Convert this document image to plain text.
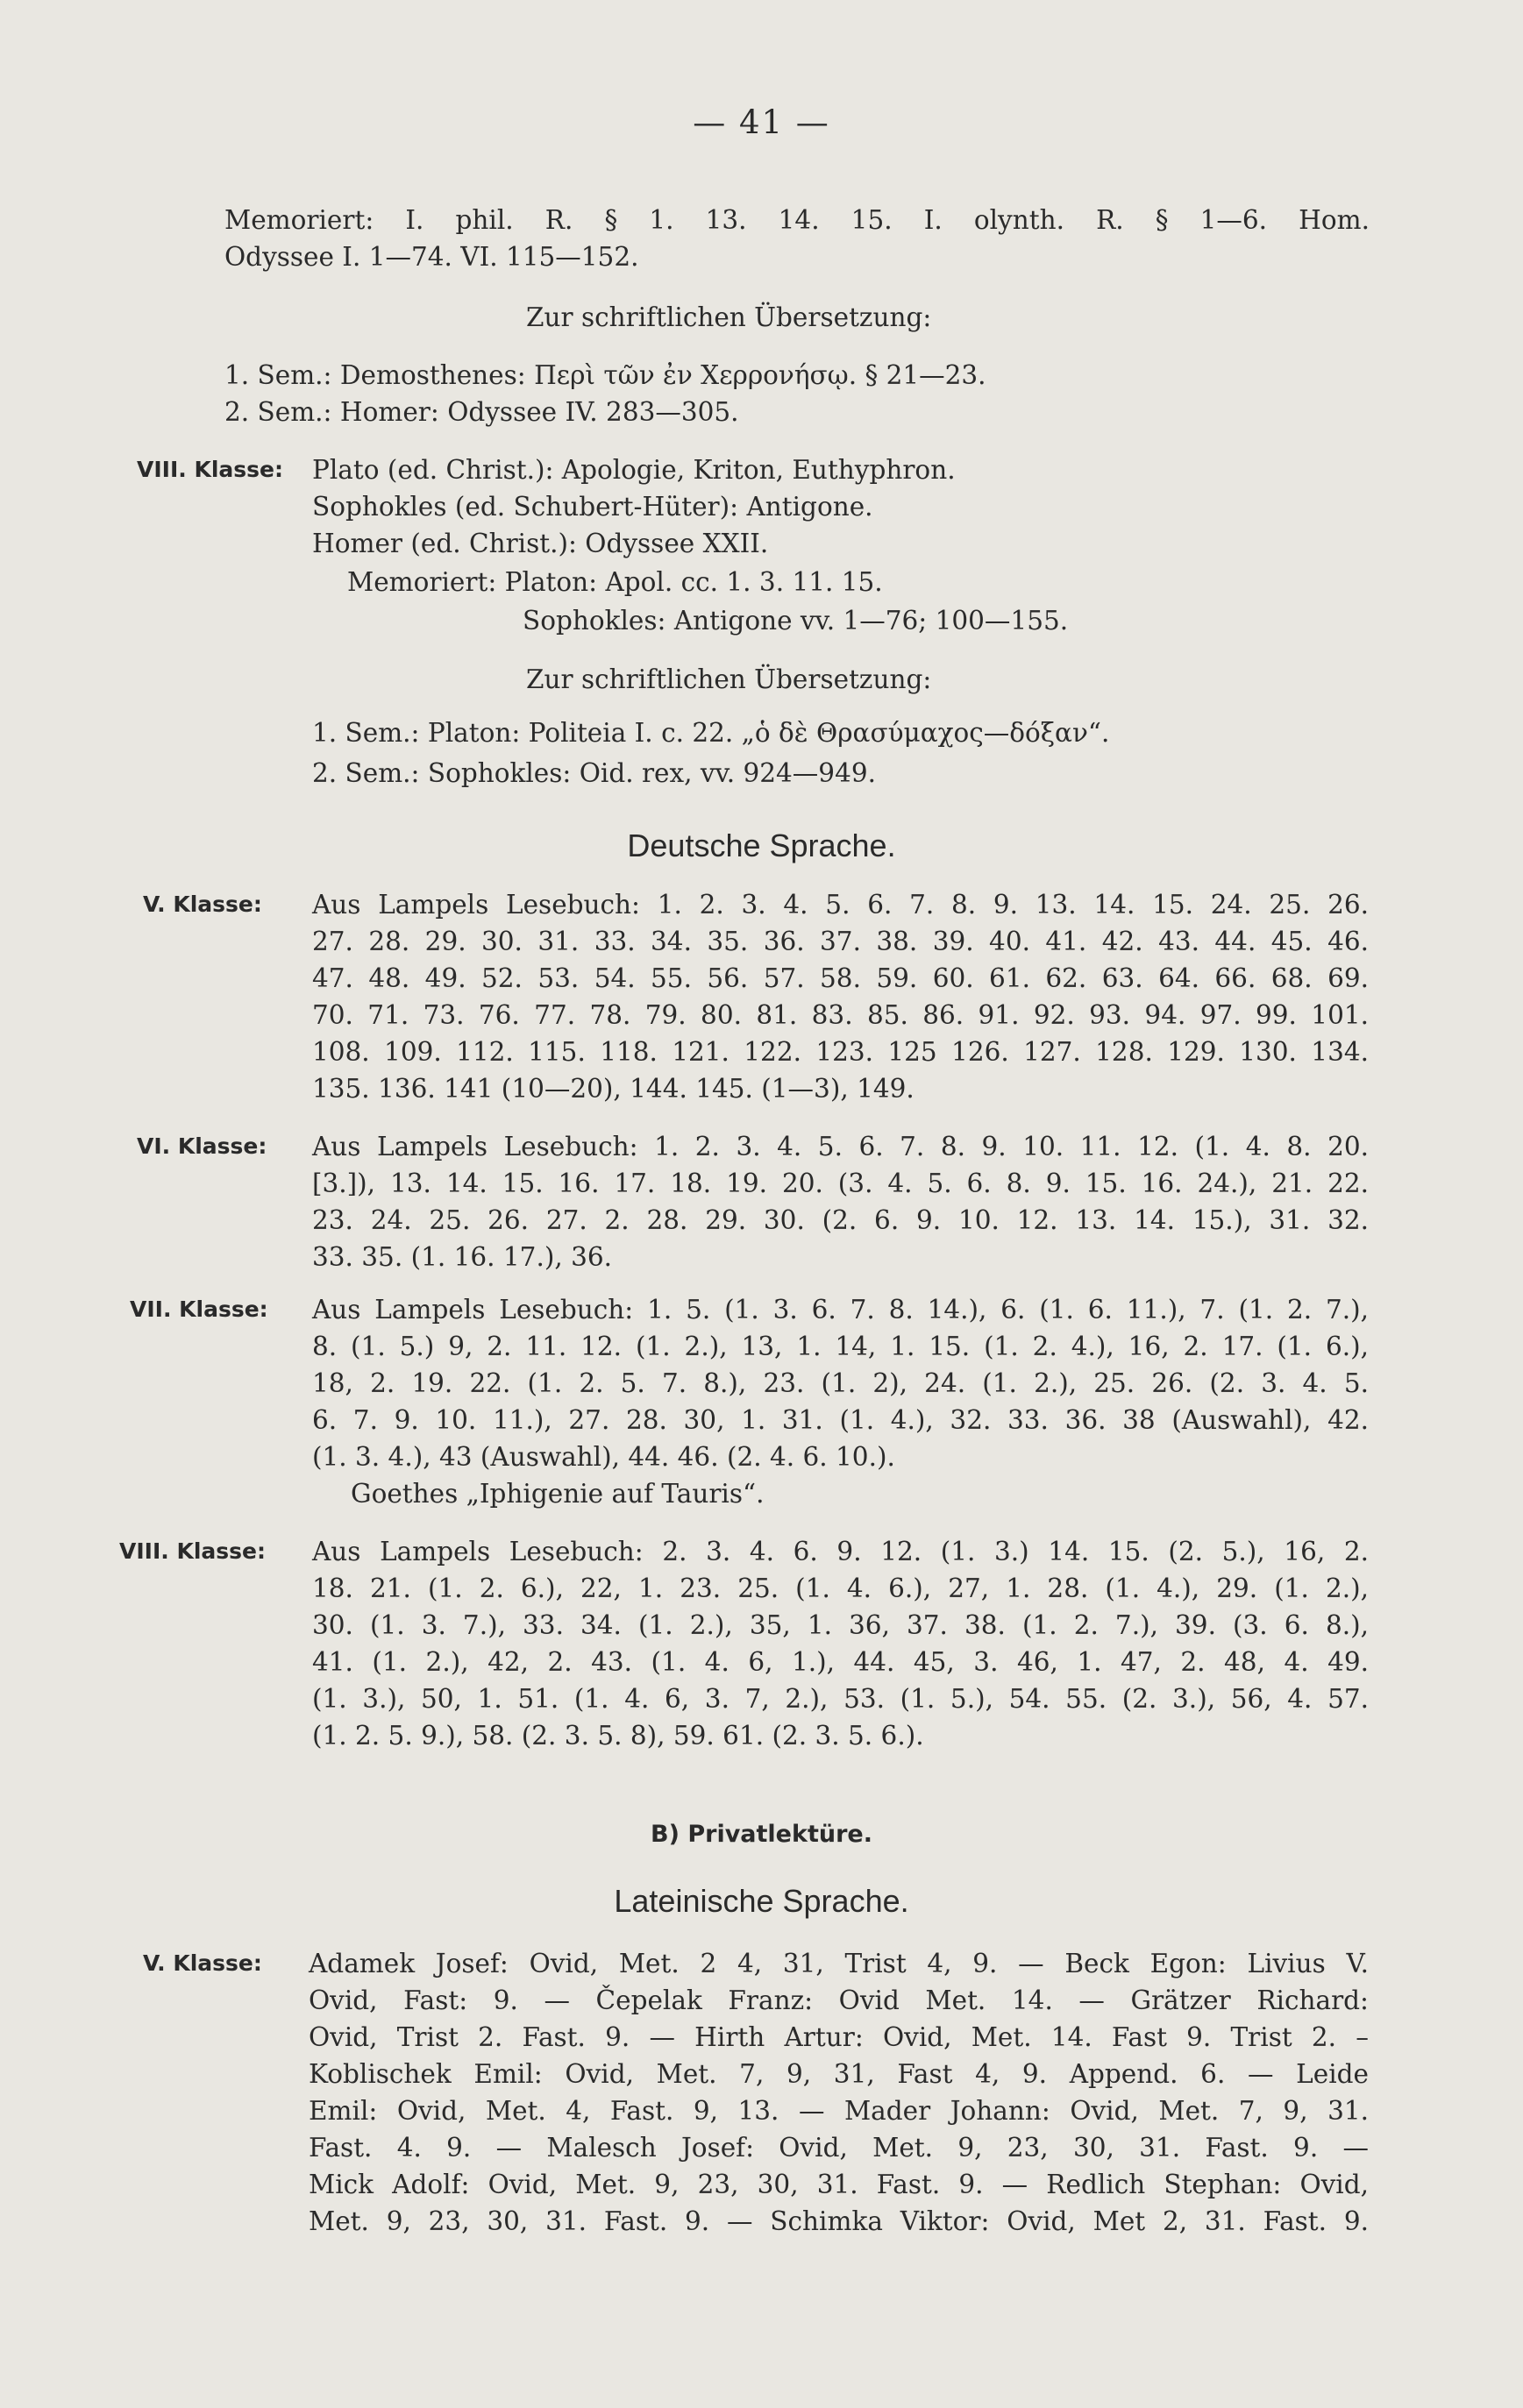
— 41 —
Memoriert: I. phil. R. § 1. 13. 14. 15. I. olynth. R. § 1—6. Hom.
Odyssee I. 1—74. VI. 115—152.
Zur schriftlichen Übersetzung:
1. Sem.: Demosthenes: Περὶ τῶν ἐν Χερρονήσῳ. § 21—23.
2. Sem.: Homer: Odyssee IV. 283—305.
VIII. Klasse: Plato (ed. Christ.): Apologie, Kriton, Euthyphron.
Sophokles (ed. Schubert-Hüter): Antigone.
Homer (ed. Christ.): Odyssee XXII.
Memoriert: Platon: Apol. cc. 1. 3. 11. 15.
Sophokles: Antigone vv. 1—76; 100—155.
Zur schriftlichen Übersetzung:
1. Sem.: Platon: Politeia I. c. 22. „ὁ δὲ Θρασύμαχος—δόξαν“.
2. Sem.: Sophokles: Oid. rex, vv. 924—949.
Deutsche Sprache.
V. Klasse: Aus Lampels Lesebuch: 1. 2. 3. 4. 5. 6. 7. 8. 9. 13. 14. 15. 24. 25. 26.
27. 28. 29. 30. 31. 33. 34. 35. 36. 37. 38. 39. 40. 41. 42. 43. 44. 45. 46.
47. 48. 49. 52. 53. 54. 55. 56. 57. 58. 59. 60. 61. 62. 63. 64. 66. 68. 69.
70. 71. 73. 76. 77. 78. 79. 80. 81. 83. 85. 86. 91. 92. 93. 94. 97. 99. 101.
108. 109. 112. 115. 118. 121. 122. 123. 125 126. 127. 128. 129. 130. 134.
135. 136. 141 (10—20), 144. 145. (1—3), 149.
VI. Klasse: Aus Lampels Lesebuch: 1. 2. 3. 4. 5. 6. 7. 8. 9. 10. 11. 12. (1. 4. 8. 20.
[3.]), 13. 14. 15. 16. 17. 18. 19. 20. (3. 4. 5. 6. 8. 9. 15. 16. 24.), 21. 22.
23. 24. 25. 26. 27. 2. 28. 29. 30. (2. 6. 9. 10. 12. 13. 14. 15.), 31. 32.
33. 35. (1. 16. 17.), 36.
VII. Klasse: Aus Lampels Lesebuch: 1. 5. (1. 3. 6. 7. 8. 14.), 6. (1. 6. 11.), 7. (1. 2. 7.),
8. (1. 5.) 9, 2. 11. 12. (1. 2.), 13, 1. 14, 1. 15. (1. 2. 4.), 16, 2. 17. (1. 6.),
18, 2. 19. 22. (1. 2. 5. 7. 8.), 23. (1. 2), 24. (1. 2.), 25. 26. (2. 3. 4. 5.
6. 7. 9. 10. 11.), 27. 28. 30, 1. 31. (1. 4.), 32. 33. 36. 38 (Auswahl), 42.
(1. 3. 4.), 43 (Auswahl), 44. 46. (2. 4. 6. 10.).
Goethes „Iphigenie auf Tauris“.
VIII. Klasse: Aus Lampels Lesebuch: 2. 3. 4. 6. 9. 12. (1. 3.) 14. 15. (2. 5.), 16, 2.
18. 21. (1. 2. 6.), 22, 1. 23. 25. (1. 4. 6.), 27, 1. 28. (1. 4.), 29. (1. 2.),
30. (1. 3. 7.), 33. 34. (1. 2.), 35, 1. 36, 37. 38. (1. 2. 7.), 39. (3. 6. 8.),
41. (1. 2.), 42, 2. 43. (1. 4. 6, 1.), 44. 45, 3. 46, 1. 47, 2. 48, 4. 49.
(1. 3.), 50, 1. 51. (1. 4. 6, 3. 7, 2.), 53. (1. 5.), 54. 55. (2. 3.), 56, 4. 57.
(1. 2. 5. 9.), 58. (2. 3. 5. 8), 59. 61. (2. 3. 5. 6.).
B) Privatlektüre.
Lateinische Sprache.
V. Klasse: Adamek Josef: Ovid, Met. 2 4, 31, Trist 4, 9. — Beck Egon: Livius V.
Ovid, Fast: 9. — Čepelak Franz: Ovid Met. 14. — Grätzer Richard:
Ovid, Trist 2. Fast. 9. — Hirth Artur: Ovid, Met. 14. Fast 9. Trist 2. –
Koblischek Emil: Ovid, Met. 7, 9, 31, Fast 4, 9. Append. 6. — Leide
Emil: Ovid, Met. 4, Fast. 9, 13. — Mader Johann: Ovid, Met. 7, 9, 31.
Fast. 4. 9. — Malesch Josef: Ovid, Met. 9, 23, 30, 31. Fast. 9. —
Mick Adolf: Ovid, Met. 9, 23, 30, 31. Fast. 9. — Redlich Stephan: Ovid,
Met. 9, 23, 30, 31. Fast. 9. — Schimka Viktor: Ovid, Met 2, 31. Fast. 9.
